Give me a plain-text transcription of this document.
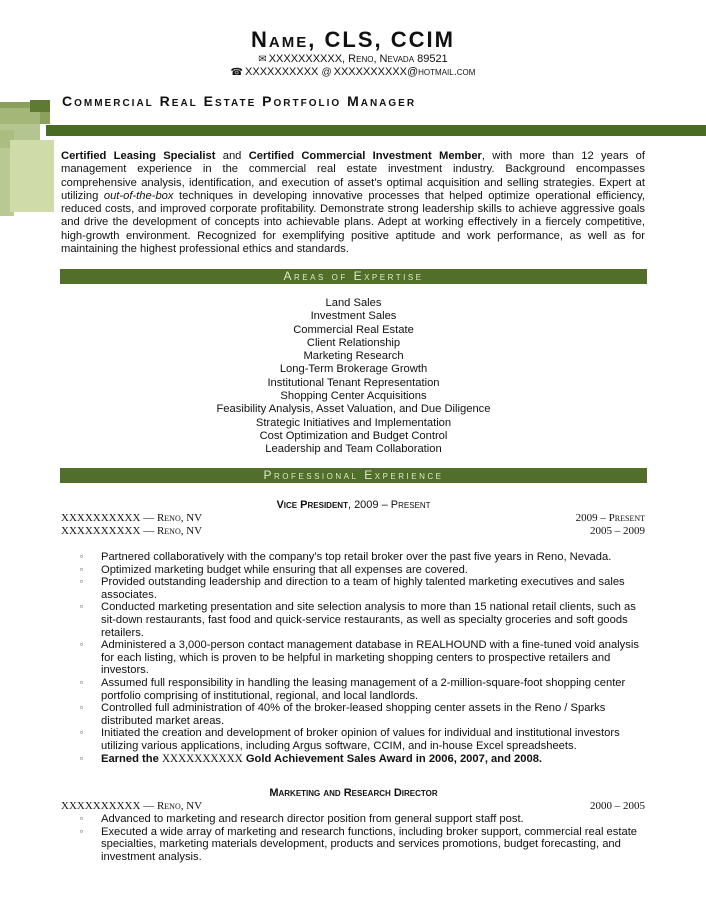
Name, CLS, CCIM
✉ XXXXXXXXXX, Reno, Nevada 89521
☎ XXXXXXXXXX @ XXXXXXXXXX@hotmail.com
Commercial Real Estate Portfolio Manager
Certified Leasing Specialist and Certified Commercial Investment Member, with more than 12 years of management experience in the commercial real estate investment industry. Background encompasses comprehensive analysis, identification, and execution of asset’s optimal acquisition and selling strategies. Expert at utilizing out-of-the-box techniques in developing innovative processes that helped optimize operational efficiency, reduced costs, and improved corporate profitability. Demonstrate strong leadership skills to achieve aggressive goals and drive the development of concepts into achievable plans. Adept at working effectively in a fiercely competitive, high-growth environment. Recognized for exemplifying positive aptitude and work performance, as well as for maintaining the highest professional ethics and standards.
Areas of Expertise
Land Sales
Investment Sales
Commercial Real Estate
Client Relationship
Marketing Research
Long-Term Brokerage Growth
Institutional Tenant Representation
Shopping Center Acquisitions
Feasibility Analysis, Asset Valuation, and Due Diligence
Strategic Initiatives and Implementation
Cost Optimization and Budget Control
Leadership and Team Collaboration
Professional Experience
Vice President, 2009 – Present
XXXXXXXXXX — Reno, NV	2009 – Present
XXXXXXXXXX — Reno, NV	2005 – 2009
▫ Partnered collaboratively with the company’s top retail broker over the past five years in Reno, Nevada.
▫ Optimized marketing budget while ensuring that all expenses are covered.
▫ Provided outstanding leadership and direction to a team of highly talented marketing executives and sales associates.
▫ Conducted marketing presentation and site selection analysis to more than 15 national retail clients, such as sit-down restaurants, fast food and quick-service restaurants, as well as specialty groceries and soft goods retailers.
▫ Administered a 3,000-person contact management database in REALHOUND with a fine-tuned void analysis for each listing, which is proven to be helpful in marketing shopping centers to prospective retailers and investors.
▫ Assumed full responsibility in handling the leasing management of a 2-million-square-foot shopping center portfolio comprising of institutional, regional, and local landlords.
▫ Controlled full administration of 40% of the broker-leased shopping center assets in the Reno / Sparks distributed market areas.
▫ Initiated the creation and development of broker opinion of values for individual and institutional investors utilizing various applications, including Argus software, CCIM, and in-house Excel spreadsheets.
▫ Earned the XXXXXXXXXX Gold Achievement Sales Award in 2006, 2007, and 2008.
Marketing and Research Director
XXXXXXXXXX — Reno, NV	2000 – 2005
▫ Advanced to marketing and research director position from general support staff post.
▫ Executed a wide array of marketing and research functions, including broker support, commercial real estate specialties, marketing materials development, products and services promotions, budget forecasting, and investment analysis.
